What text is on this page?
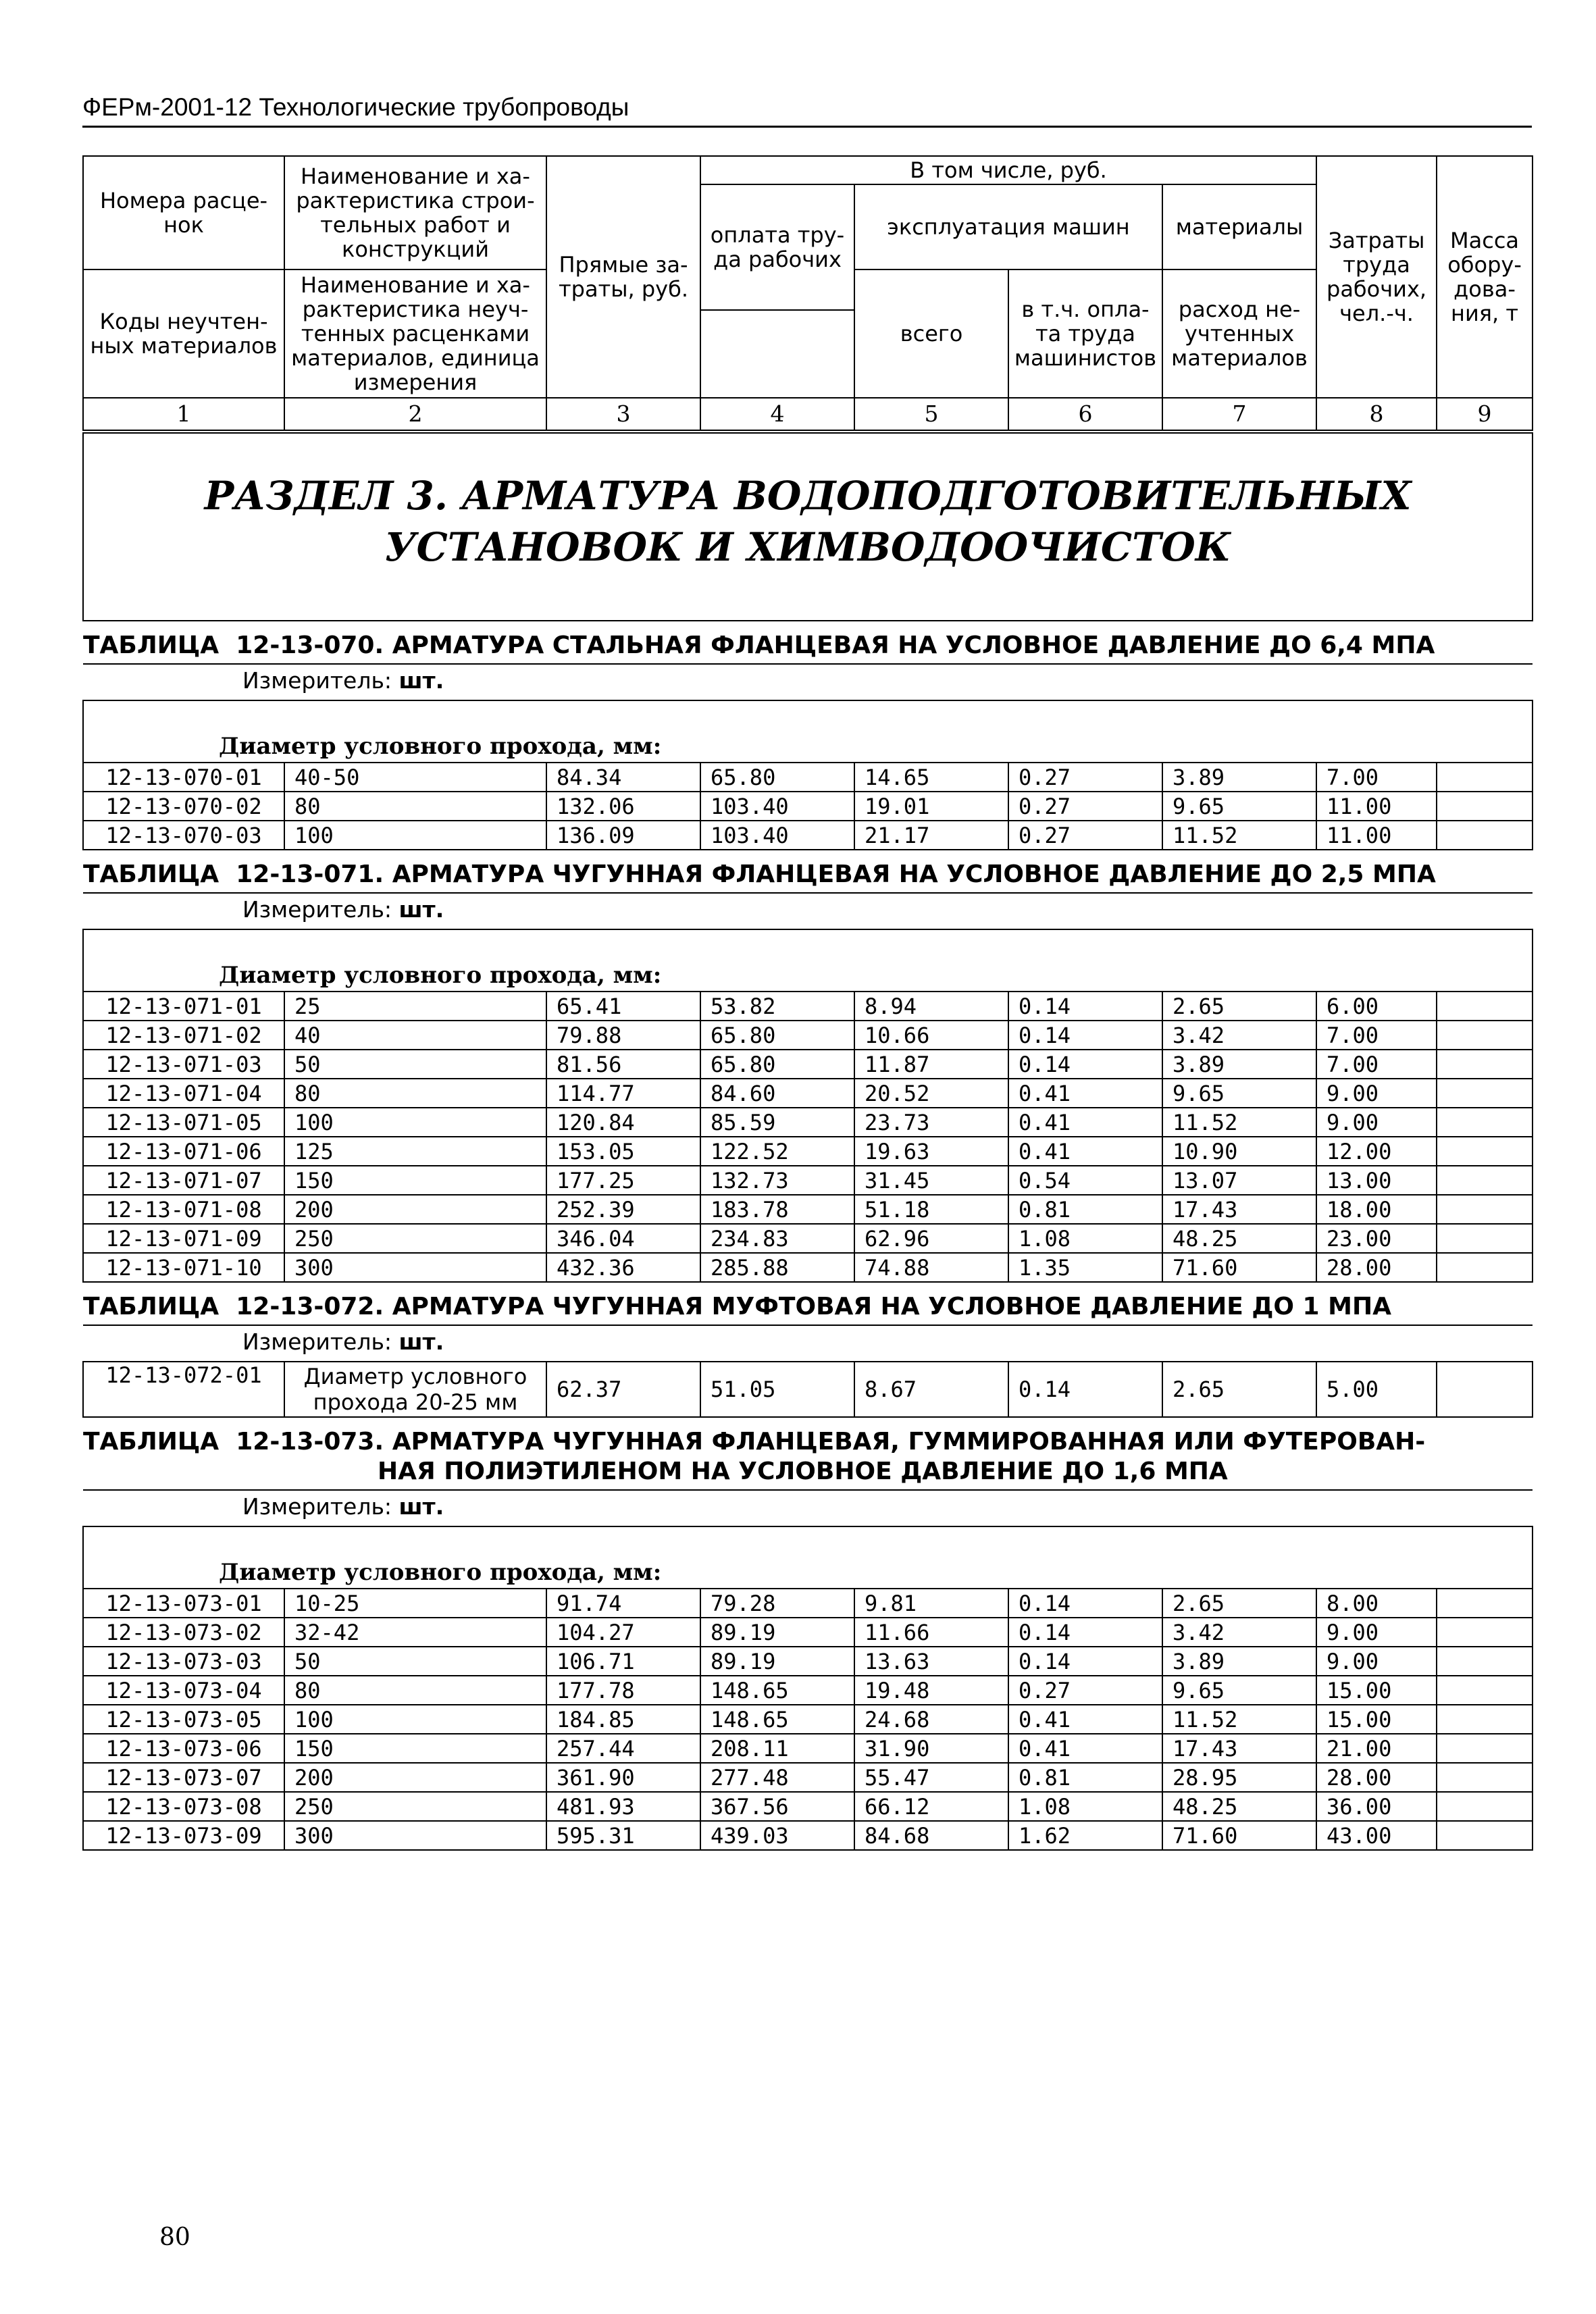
ФЕРм-2001-12 Технологические трубопроводы
Номера расце-нок	Наименование и ха-рактеристика строи-тельных работ и конструкций	Прямые за-траты, руб.	В том числе, руб.				Затраты труда рабочих, чел.-ч.	Масса обору-дова-ния, т
			оплата тру-да рабочих	эксплуатация машин		материалы		
				всего	в т.ч. опла-та труда машинистов	расход не-учтенных материалов		
Коды неучтен-ных материалов	Наименование и ха-рактеристика неуч-тенных расценками материалов, единица измерения							

1	2	3	4	5	6	7	8	9
РАЗДЕЛ 3. АРМАТУРА ВОДОПОДГОТОВИТЕЛЬНЫХ УСТАНОВОК И ХИМВОДООЧИСТОК								

ТАБЛИЦА 12-13-070. АРМАТУРА СТАЛЬНАЯ ФЛАНЦЕВАЯ НА УСЛОВНОЕ ДАВЛЕНИЕ ДО 6,4 МПА								
Измеритель: шт.								
Диаметр условного прохода, мм:								
12-13-070-01	40-50	84.34	65.80	14.65	0.27	3.89	7.00	
12-13-070-02	80	132.06	103.40	19.01	0.27	9.65	11.00	
12-13-070-03	100	136.09	103.40	21.17	0.27	11.52	11.00	
ТАБЛИЦА 12-13-071. АРМАТУРА ЧУГУННАЯ ФЛАНЦЕВАЯ НА УСЛОВНОЕ ДАВЛЕНИЕ ДО 2,5 МПА								
Измеритель: шт.								
Диаметр условного прохода, мм:								
12-13-071-01	25	65.41	53.82	8.94	0.14	2.65	6.00	
12-13-071-02	40	79.88	65.80	10.66	0.14	3.42	7.00	
12-13-071-03	50	81.56	65.80	11.87	0.14	3.89	7.00	
12-13-071-04	80	114.77	84.60	20.52	0.41	9.65	9.00	
12-13-071-05	100	120.84	85.59	23.73	0.41	11.52	9.00	
12-13-071-06	125	153.05	122.52	19.63	0.41	10.90	12.00	
12-13-071-07	150	177.25	132.73	31.45	0.54	13.07	13.00	
12-13-071-08	200	252.39	183.78	51.18	0.81	17.43	18.00	
12-13-071-09	250	346.04	234.83	62.96	1.08	48.25	23.00	
12-13-071-10	300	432.36	285.88	74.88	1.35	71.60	28.00	
ТАБЛИЦА 12-13-072. АРМАТУРА ЧУГУННАЯ МУФТОВАЯ НА УСЛОВНОЕ ДАВЛЕНИЕ ДО 1 МПА								
Измеритель: шт.								
12-13-072-01	Диаметр условного прохода 20-25 мм	62.37	51.05	8.67	0.14	2.65	5.00	
ТАБЛИЦА 12-13-073. АРМАТУРА ЧУГУННАЯ ФЛАНЦЕВАЯ, ГУММИРОВАННАЯ ИЛИ ФУТЕРОВАН-
НАЯ ПОЛИЭТИЛЕНОМ НА УСЛОВНОЕ ДАВЛЕНИЕ ДО 1,6 МПА								

Измеритель: шт.								
Диаметр условного прохода, мм:								
12-13-073-01	10-25	91.74	79.28	9.81	0.14	2.65	8.00	
12-13-073-02	32-42	104.27	89.19	11.66	0.14	3.42	9.00	
12-13-073-03	50	106.71	89.19	13.63	0.14	3.89	9.00	
12-13-073-04	80	177.78	148.65	19.48	0.27	9.65	15.00	
12-13-073-05	100	184.85	148.65	24.68	0.41	11.52	15.00	
12-13-073-06	150	257.44	208.11	31.90	0.41	17.43	21.00	
12-13-073-07	200	361.90	277.48	55.47	0.81	28.95	28.00	
12-13-073-08	250	481.93	367.56	66.12	1.08	48.25	36.00	
12-13-073-09	300	595.31	439.03	84.68	1.62	71.60	43.00	
80
